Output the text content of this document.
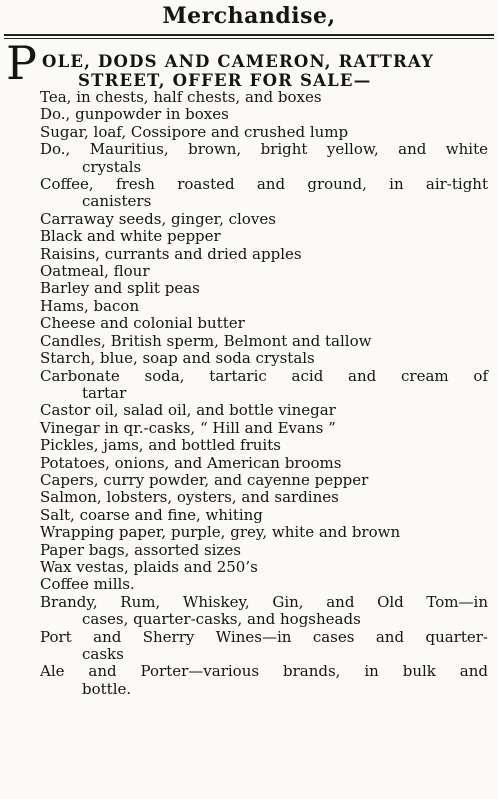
Merchandise,
P OLE, DODS AND CAMERON, RATTRAY
STREET, OFFER FOR SALE—
Tea, in chests, half chests, and boxes
Do., gunpowder in boxes
Sugar, loaf, Cossipore and crushed lump
Do., Mauritius, brown, bright yellow, and white
crystals
Coffee, fresh roasted and ground, in air-tight
canisters
Carraway seeds, ginger, cloves
Black and white pepper
Raisins, currants and dried apples
Oatmeal, flour
Barley and split peas
Hams, bacon
Cheese and colonial butter
Candles, British sperm, Belmont and tallow
Starch, blue, soap and soda crystals
Carbonate soda, tartaric acid and cream of
tartar
Castor oil, salad oil, and bottle vinegar
Vinegar in qr.-casks, “ Hill and Evans ”
Pickles, jams, and bottled fruits
Potatoes, onions, and American brooms
Capers, curry powder, and cayenne pepper
Salmon, lobsters, oysters, and sardines
Salt, coarse and fine, whiting
Wrapping paper, purple, grey, white and brown
Paper bags, assorted sizes
Wax vestas, plaids and 250’s
Coffee mills.
Brandy, Rum, Whiskey, Gin, and Old Tom—in
cases, quarter-casks, and hogsheads
Port and Sherry Wines—in cases and quarter-
casks
Ale and Porter—various brands, in bulk and
bottle.
